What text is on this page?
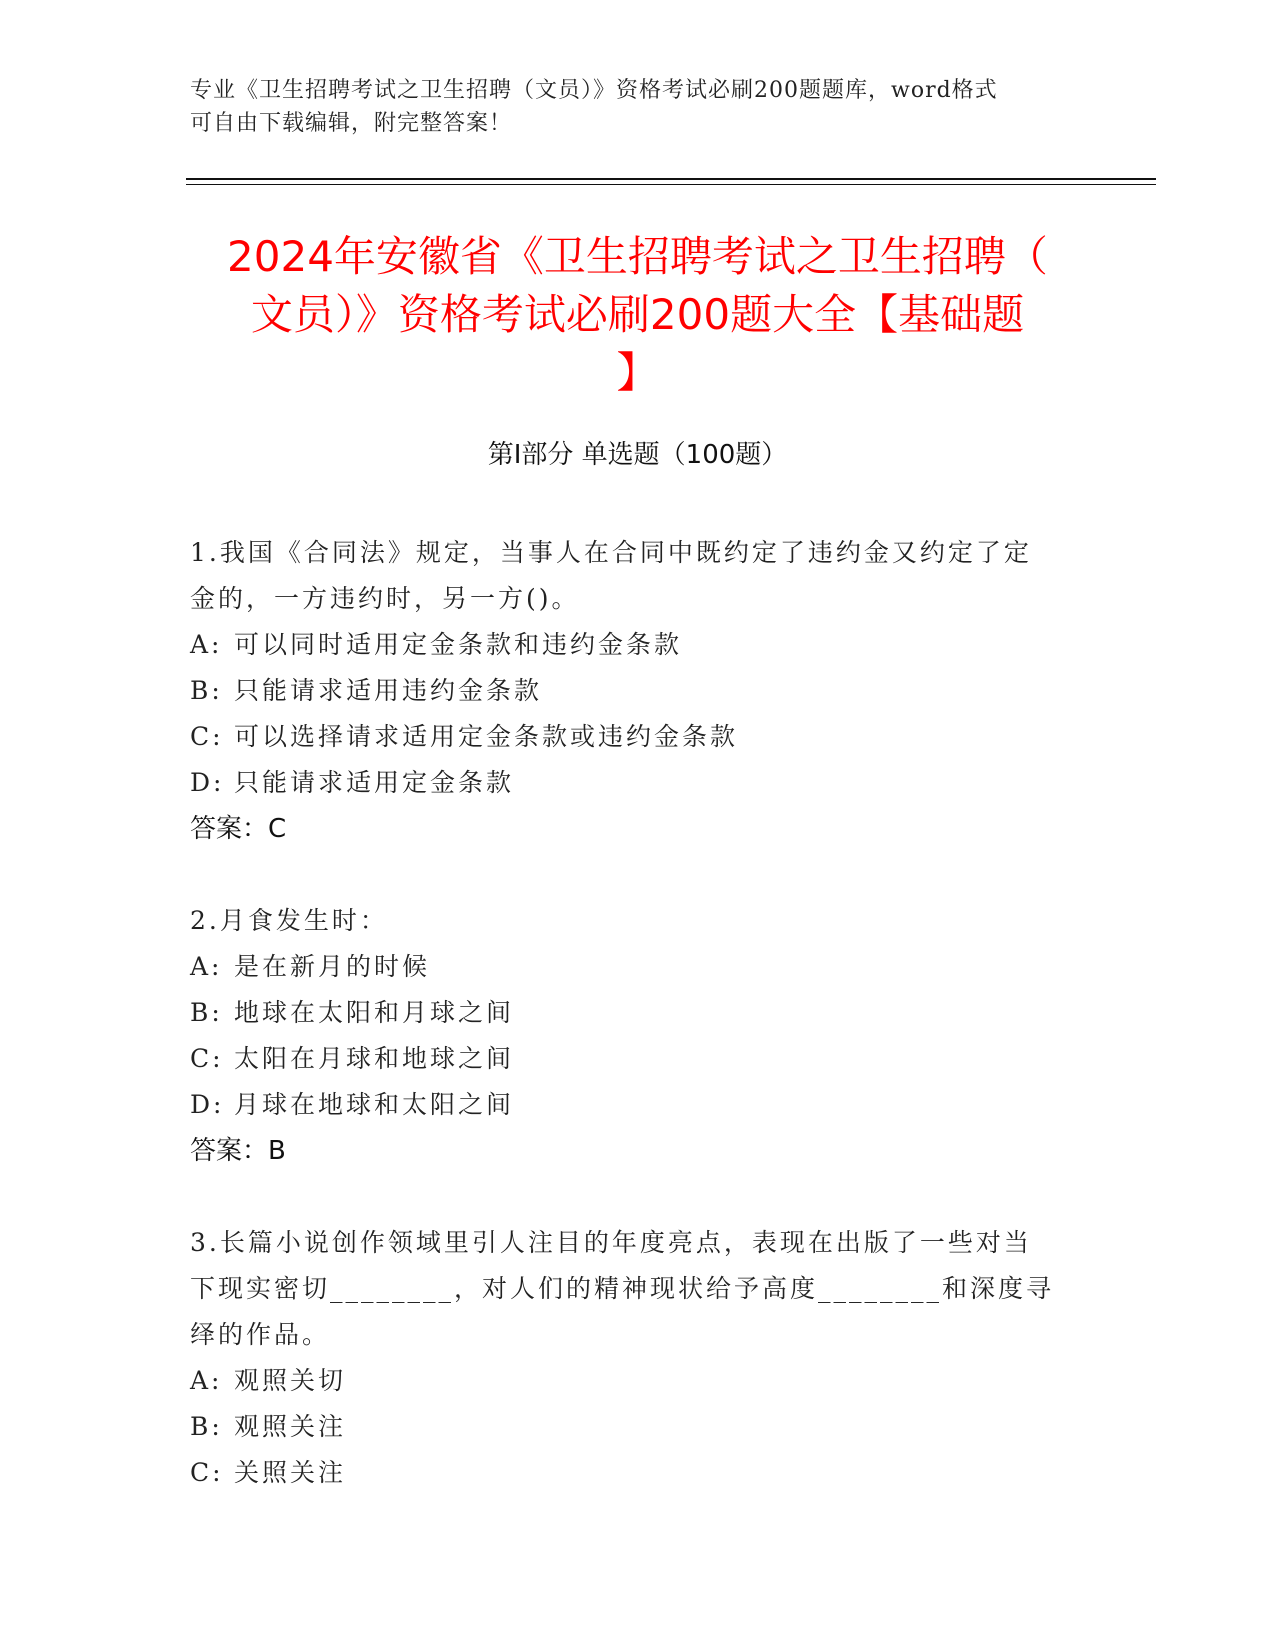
专业《卫生招聘考试之卫生招聘（文员）》资格考试必刷200题题库，word格式
可自由下载编辑，附完整答案！
2024年安徽省《卫生招聘考试之卫生招聘（
文员）》资格考试必刷200题大全【基础题
】
第Ⅰ部分 单选题（100题）
1.我国《合同法》规定，当事人在合同中既约定了违约金又约定了定
金的，一方违约时，另一方()。
A: 可以同时适用定金条款和违约金条款
B: 只能请求适用违约金条款
C: 可以选择请求适用定金条款或违约金条款
D: 只能请求适用定金条款
答案：C
2.月食发生时：
A: 是在新月的时候
B: 地球在太阳和月球之间
C: 太阳在月球和地球之间
D: 月球在地球和太阳之间
答案：B
3.长篇小说创作领域里引人注目的年度亮点，表现在出版了一些对当
下现实密切________，对人们的精神现状给予高度________和深度寻
绎的作品。
A: 观照关切
B: 观照关注
C: 关照关注
